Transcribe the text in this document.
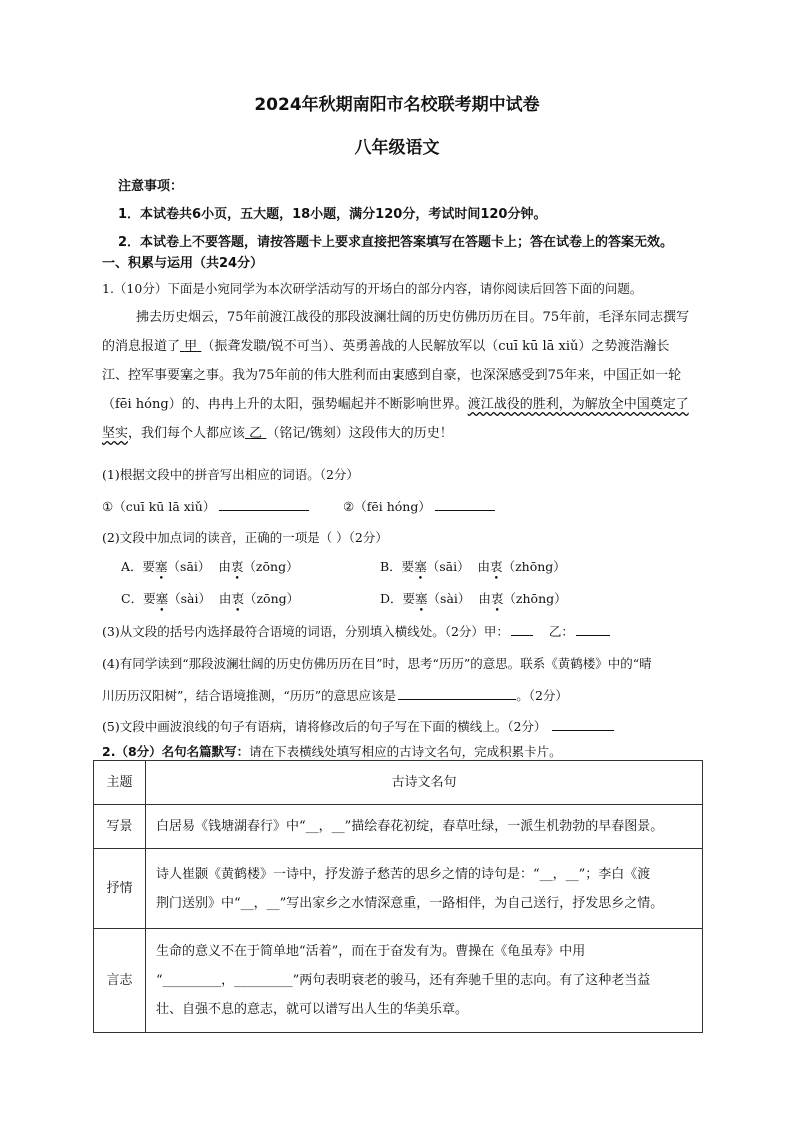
2024年秋期南阳市名校联考期中试卷
八年级语文
注意事项：
1．本试卷共6小页，五大题，18小题，满分120分，考试时间120分钟。
2．本试卷上不要答题，请按答题卡上要求直接把答案填写在答题卡上；答在试卷上的答案无效。
一、积累与运用（共24分）
1.（10分）下面是小宛同学为本次研学活动写的开场白的部分内容，请你阅读后回答下面的问题。
拂去历史烟云，75年前渡江战役的那段波澜壮阔的历史仿佛历历在目。75年前，毛泽东同志撰写的消息报道了 甲 （振聋发聩/锐不可当）、英勇善战的人民解放军以（cuī kū lā xiǔ）之势渡浩瀚长江、控军事要塞 •之事。我为75年前的伟大胜利而由衷 •感到自豪，也深深感受到75年来，中国正如一轮（fēi hóng）的、冉冉上升的太阳，强势崛起并不断影响世界。渡江战役的胜利，为解放全中国奠定了坚实，我们每个人都应该 乙 （铭记/镌刻）这段伟大的历史！
(1)根据文段中的拼音写出相应的词语。（2分）
①（cuī kū lā xiǔ）	②（fēi hóng）
(2)文段中加点词的读音，正确的一项是（ ）（2分）
A．要塞（sāi） 由衷（zōng）	B．要塞（sāi） 由衷（zhōng）
C．要塞（sài） 由衷（zōng）	D．要塞（sài） 由衷（zhōng）
(3)从文段的括号内选择最符合语境的词语，分别填入横线处。（2分）甲：	乙：
(4)有同学读到“那段波澜壮阔的历史仿佛历历在目”时，思考“历历”的意思。联系《黄鹤楼》中的“晴
川历历汉阳树”，结合语境推测，“历历”的意思应该是	。（2分）
(5)文段中画波浪线的句子有语病，请将修改后的句子写在下面的横线上。（2分）
2.（8分）名句名篇默写：请在下表横线处填写相应的古诗文名句，完成积累卡片。
主题	古诗文名句
写景	白居易《钱塘湖春行》中“__，__”描绘春花初绽，春草吐绿，一派生机勃勃的早春图景。
抒情	诗人崔颢《黄鹤楼》一诗中，抒发游子愁苦的思乡之情的诗句是：“__，__”；李白《渡
荆门送别》中“__，__”写出家乡之水情深意重，一路相伴，为自己送行，抒发思乡之情。

言志	生命的意义不在于简单地“活着”，而在于奋发有为。曹操在《龟虽寿》中用
“_________，_________”两句表明衰老的骏马，还有奔驰千里的志向。有了这种老当益
壮、自强不息的意志，就可以谱写出人生的华美乐章。
